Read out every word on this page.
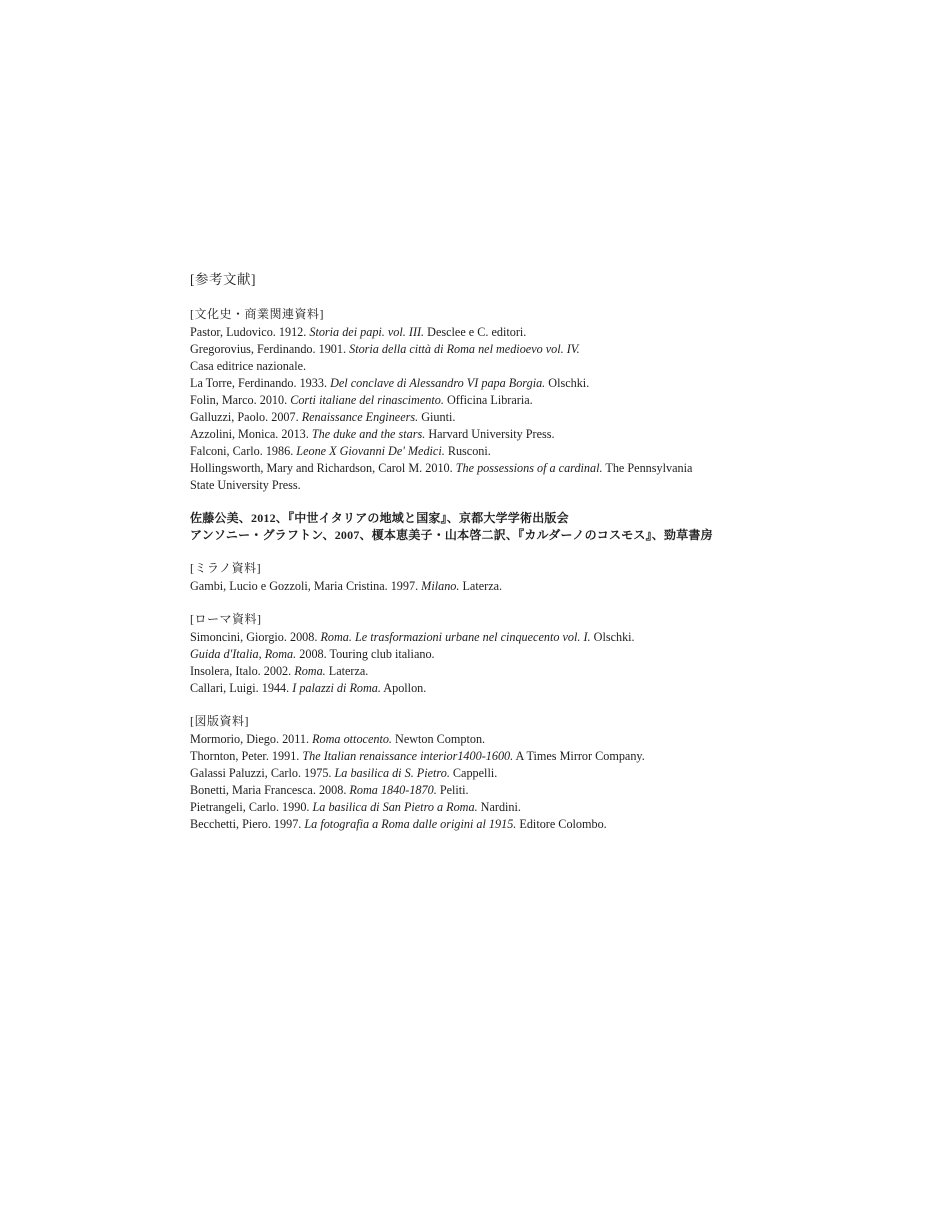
[参考文献]
[文化史・商業関連資料]
Pastor, Ludovico. 1912. Storia dei papi. vol. III. Desclee e C. editori.
Gregorovius, Ferdinando. 1901. Storia della città di Roma nel medioevo vol. IV.
Casa editrice nazionale.
La Torre, Ferdinando. 1933. Del conclave di Alessandro VI papa Borgia. Olschki.
Folin, Marco. 2010. Corti italiane del rinascimento. Officina Libraria.
Galluzzi, Paolo. 2007. Renaissance Engineers. Giunti.
Azzolini, Monica. 2013. The duke and the stars. Harvard University Press.
Falconi, Carlo. 1986. Leone X Giovanni De' Medici. Rusconi.
Hollingsworth, Mary and Richardson, Carol M. 2010. The possessions of a cardinal. The Pennsylvania
State University Press.
佐藤公美、2012、『中世イタリアの地域と国家』、京都大学学術出版会
アンソニー・グラフトン、2007、榎本恵美子・山本啓二訳、『カルダーノのコスモス』、勁草書房
[ミラノ資料]
Gambi, Lucio e Gozzoli, Maria Cristina. 1997. Milano. Laterza.
[ローマ資料]
Simoncini, Giorgio. 2008. Roma. Le trasformazioni urbane nel cinquecento vol. I. Olschki.
Guida d'Italia, Roma. 2008. Touring club italiano.
Insolera, Italo. 2002. Roma. Laterza.
Callari, Luigi. 1944. I palazzi di Roma. Apollon.
[図版資料]
Mormorio, Diego. 2011. Roma ottocento. Newton Compton.
Thornton, Peter. 1991. The Italian renaissance interior1400-1600. A Times Mirror Company.
Galassi Paluzzi, Carlo. 1975. La basilica di S. Pietro. Cappelli.
Bonetti, Maria Francesca. 2008. Roma 1840-1870. Peliti.
Pietrangeli, Carlo. 1990. La basilica di San Pietro a Roma. Nardini.
Becchetti, Piero. 1997. La fotografia a Roma dalle origini al 1915. Editore Colombo.
